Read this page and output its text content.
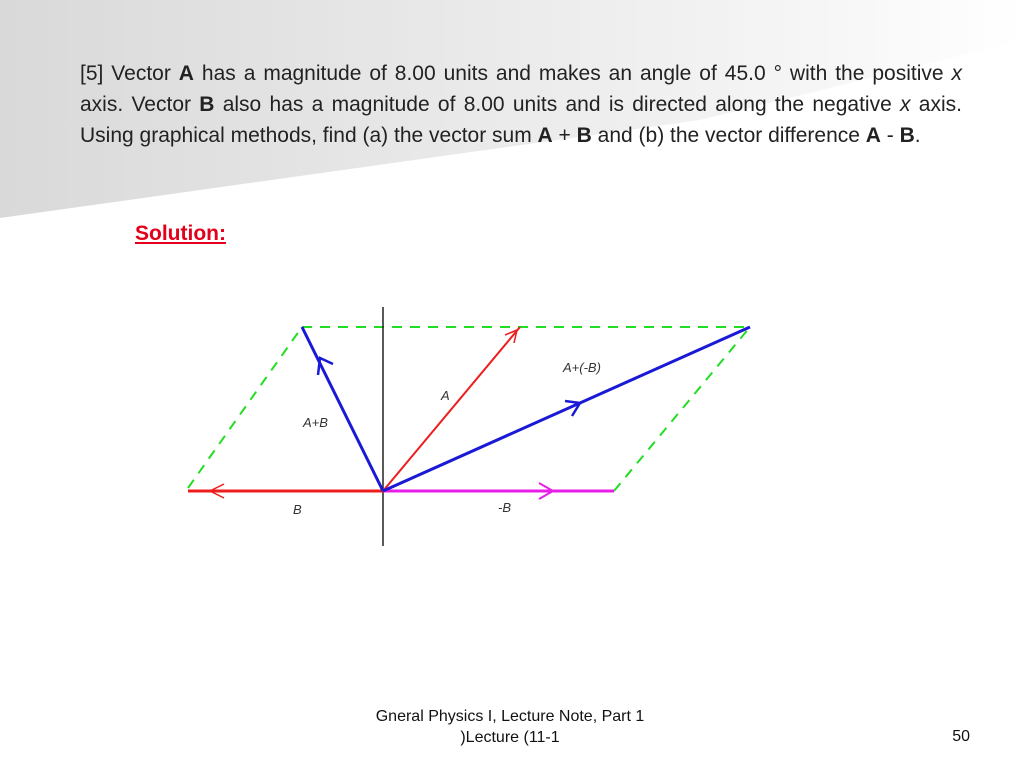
[5] Vector A has a magnitude of 8.00 units and makes an angle of 45.0 ° with the positive x axis. Vector B also has a magnitude of 8.00 units and is directed along the negative x axis. Using graphical methods, find (a) the vector sum A + B and (b) the vector difference A - B.
Solution:
A
A+B
A+(-B)
B	-B
Gneral Physics I, Lecture Note, Part 1
)Lecture (11-1	50
